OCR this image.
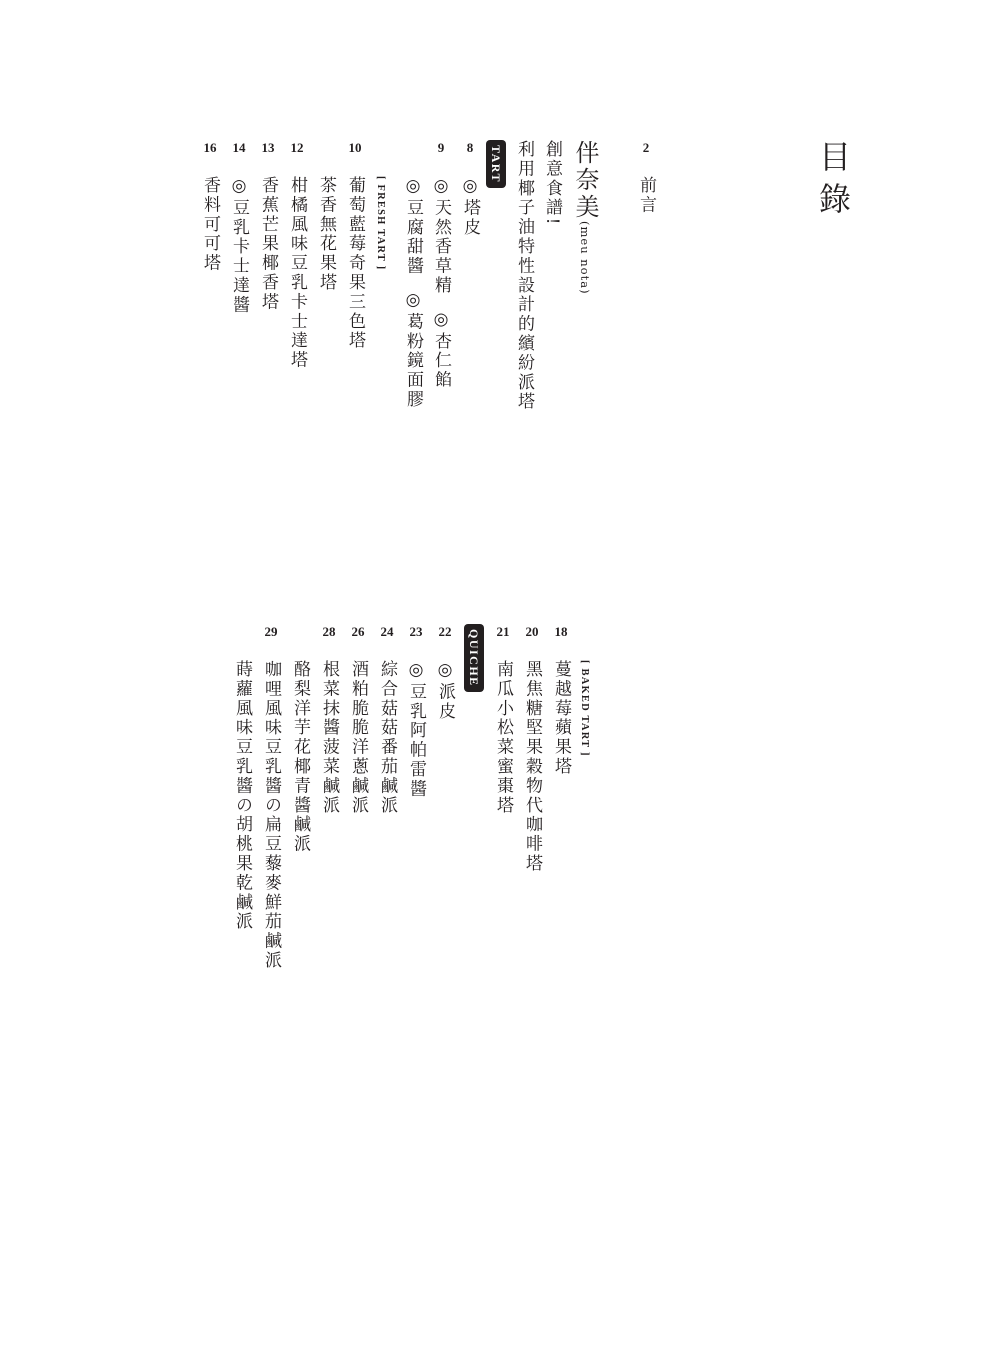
目錄
2
前言
伴奈美(meu nota)
創意食譜!
利用椰子油特性設計的繽紛派塔
TART
8
◎塔皮
9
◎天然香草精◎杏仁餡
◎豆腐甜醬◎葛粉鏡面膠
[ FRESH TART ]
10
葡萄藍莓奇果三色塔
茶香無花果塔
12
柑橘風味豆乳卡士達塔
13
香蕉芒果椰香塔
14
◎豆乳卡士達醬
16
香料可可塔
[ BAKED TART ]
18
蔓越莓蘋果塔
20
黑焦糖堅果穀物代咖啡塔
21
南瓜小松菜蜜棗塔
QUICHE
22
◎派皮
23
◎豆乳阿帕雷醬
24
綜合菇菇番茄鹹派
26
酒粕脆脆洋蔥鹹派
28
根菜抹醬菠菜鹹派
酪梨洋芋花椰青醬鹹派
29
咖哩風味豆乳醬の扁豆藜麥鮮茄鹹派
蒔蘿風味豆乳醬の胡桃果乾鹹派
